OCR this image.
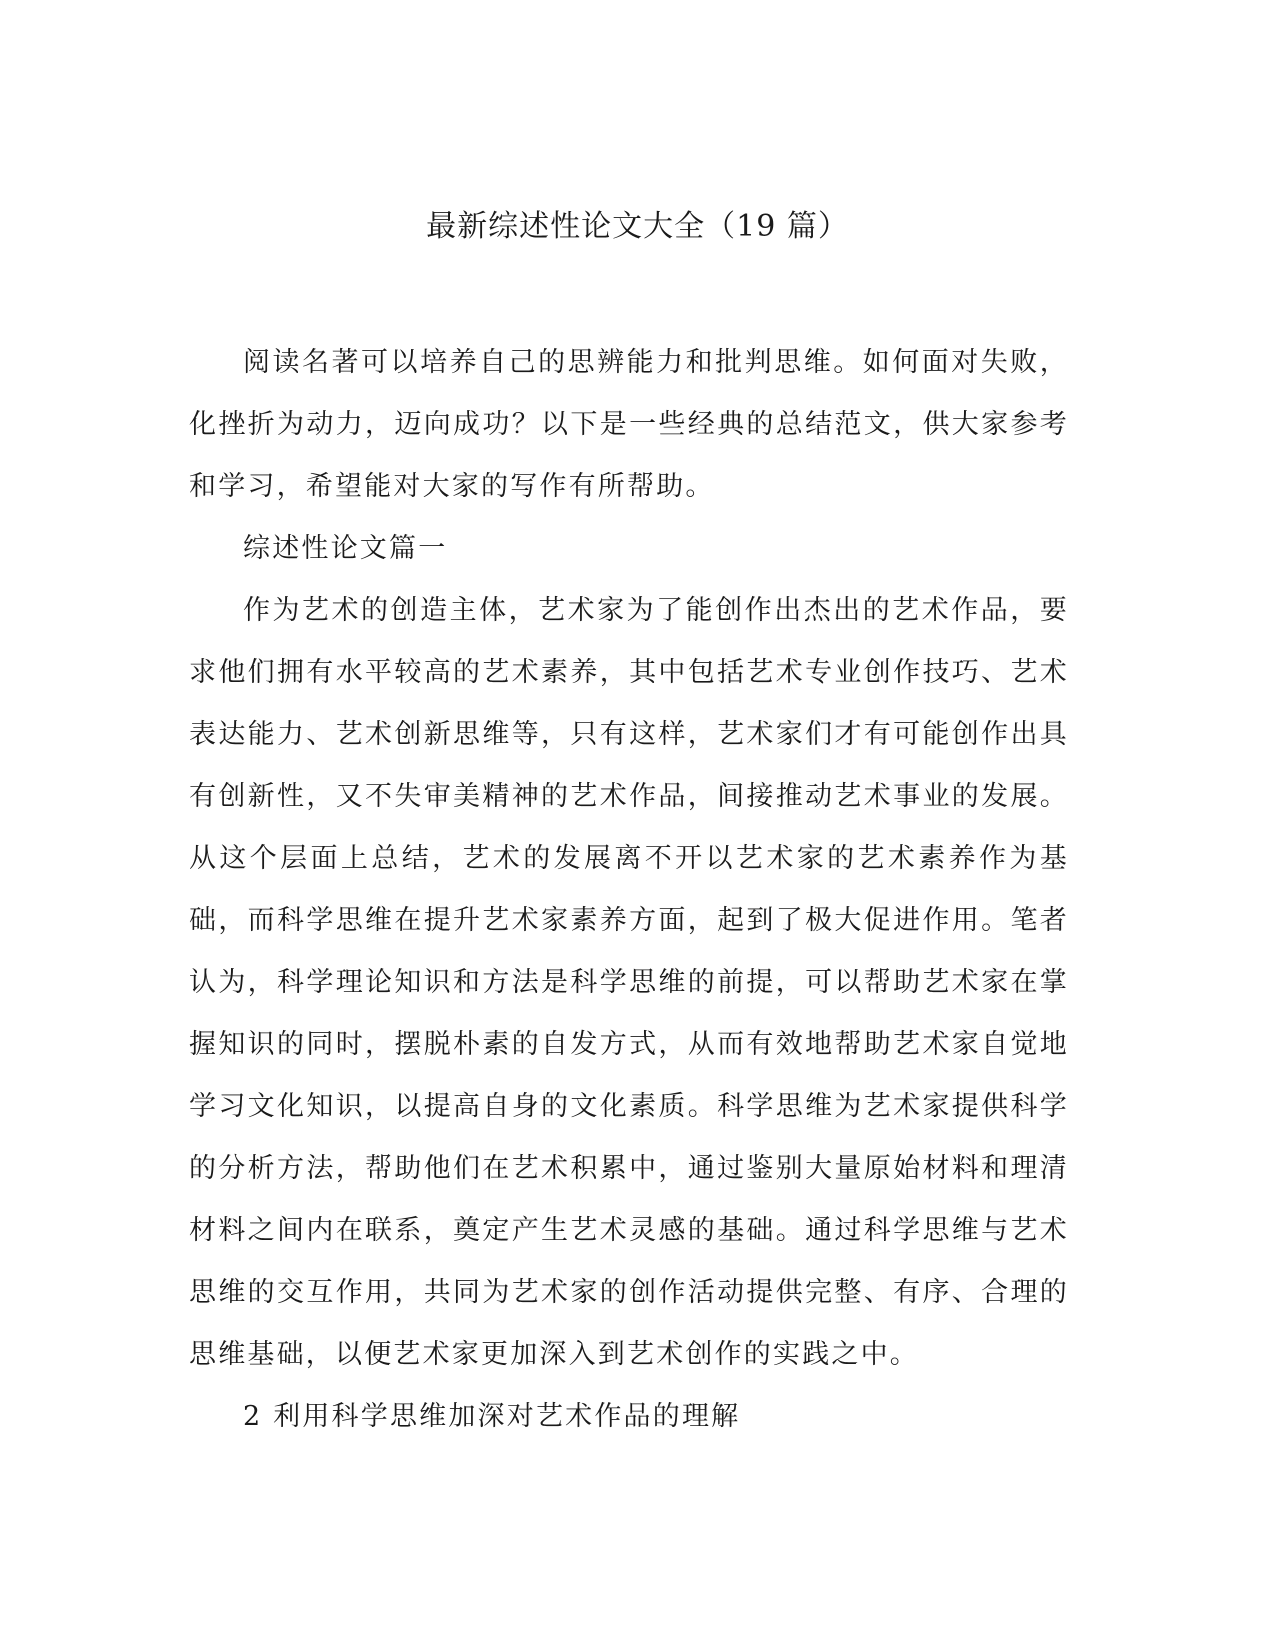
最新综述性论文大全（19 篇）

阅读名著可以培养自己的思辨能力和批判思维。如何面对失败，化挫折为动力，迈向成功？以下是一些经典的总结范文，供大家参考和学习，希望能对大家的写作有所帮助。

综述性论文篇一

作为艺术的创造主体，艺术家为了能创作出杰出的艺术作品，要求他们拥有水平较高的艺术素养，其中包括艺术专业创作技巧、艺术表达能力、艺术创新思维等，只有这样，艺术家们才有可能创作出具有创新性，又不失审美精神的艺术作品，间接推动艺术事业的发展。从这个层面上总结，艺术的发展离不开以艺术家的艺术素养作为基础，而科学思维在提升艺术家素养方面，起到了极大促进作用。笔者认为，科学理论知识和方法是科学思维的前提，可以帮助艺术家在掌握知识的同时，摆脱朴素的自发方式，从而有效地帮助艺术家自觉地学习文化知识，以提高自身的文化素质。科学思维为艺术家提供科学的分析方法，帮助他们在艺术积累中，通过鉴别大量原始材料和理清材料之间内在联系，奠定产生艺术灵感的基础。通过科学思维与艺术思维的交互作用，共同为艺术家的创作活动提供完整、有序、合理的思维基础，以便艺术家更加深入到艺术创作的实践之中。

2 利用科学思维加深对艺术作品的理解
